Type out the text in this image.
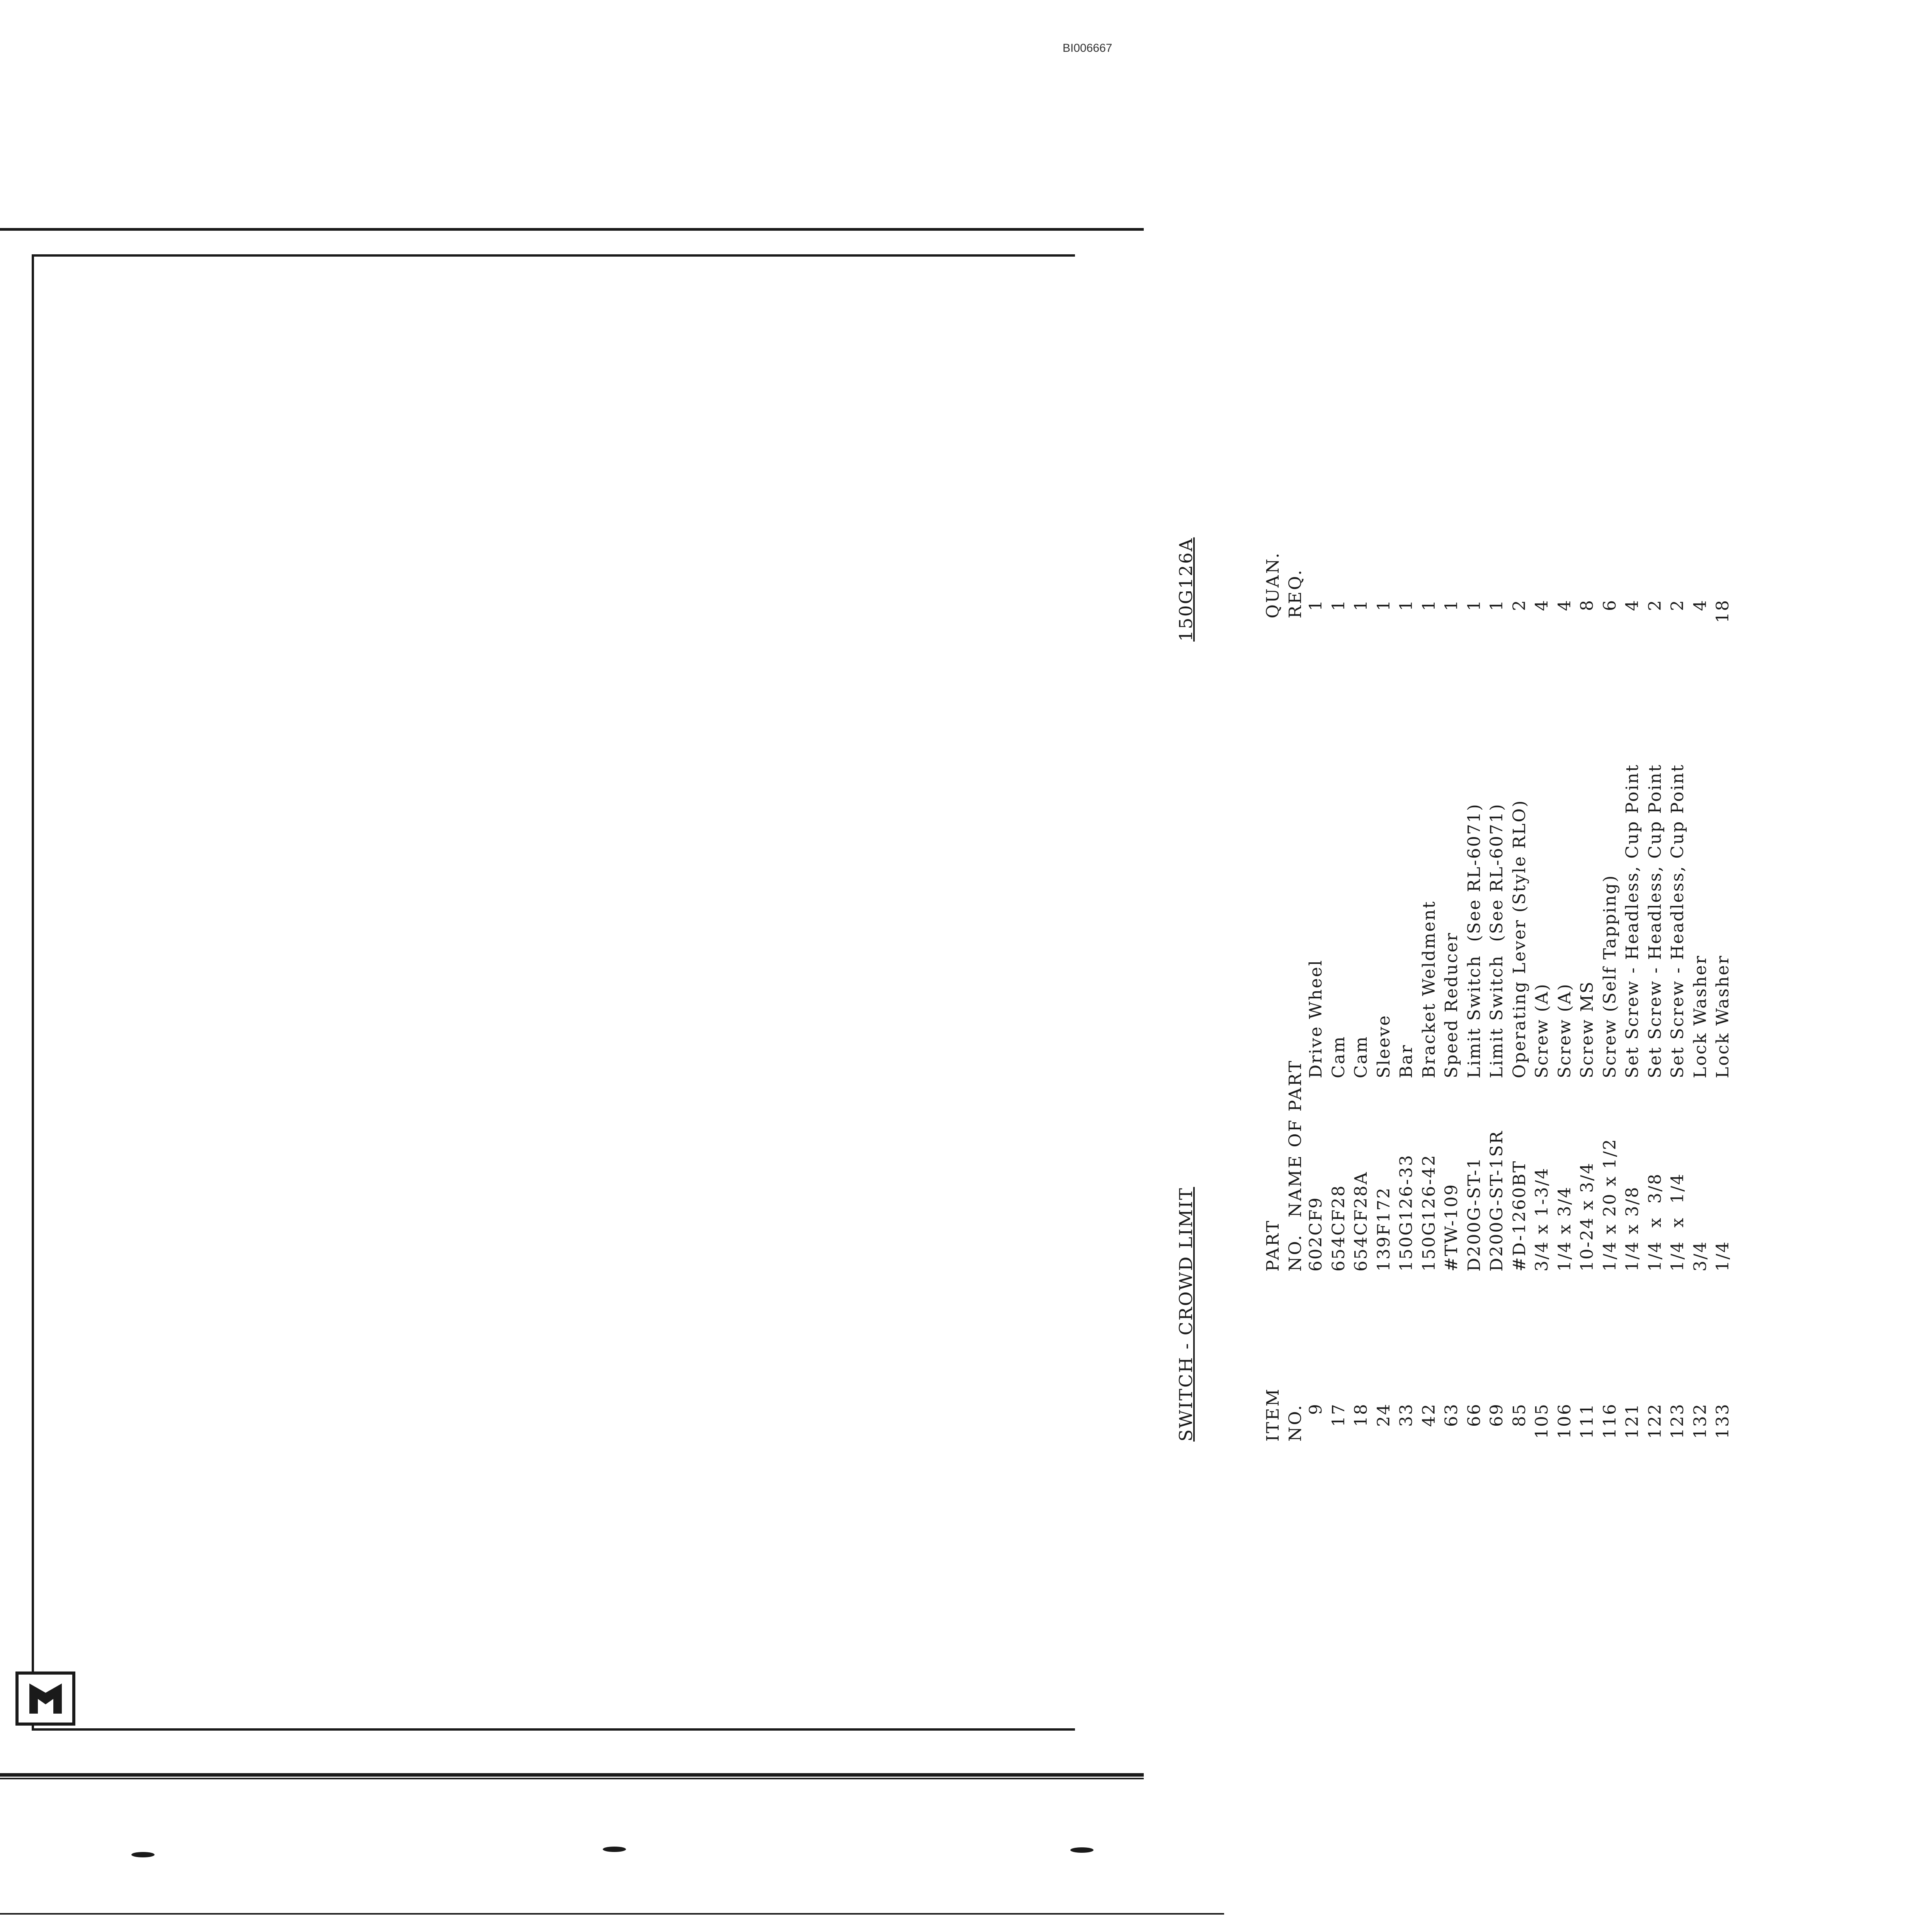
BI006667
SWITCH - CROWD LIMIT
150G126A

ITEM NO.

PART NO.

NAME OF PART

QUAN. REQ.

9
602CF9
Drive Wheel
1
17
654CF28
Cam
1
18
654CF28A
Cam
1
24
139F172
Sleeve
1
33
150G126-33
Bar
1
42
150G126-42
Bracket Weldment
1
63
#TW-109
Speed Reducer
1
66
D200G-ST-1
Limit Switch  (See RL-6071)
1
69
D200G-ST-1SR
Limit Switch  (See RL-6071)
1
85
#D-1260BT
Operating Lever (Style RLO)
2
105
3/4 x 1-3/4
Screw (A)
4
106
1/4 x 3/4
Screw (A)
4
111
10-24 x 3/4
Screw MS
8
116
1/4 x 20 x 1/2
Screw (Self Tapping)
6
121
1/4 x 3/8
Set Screw - Headless, Cup Point
4
122
1/4  x  3/8
Set Screw - Headless, Cup Point
2
123
1/4  x  1/4
Set Screw - Headless, Cup Point
2
132
3/4
Lock Washer
4
133
1/4
Lock Washer
18
